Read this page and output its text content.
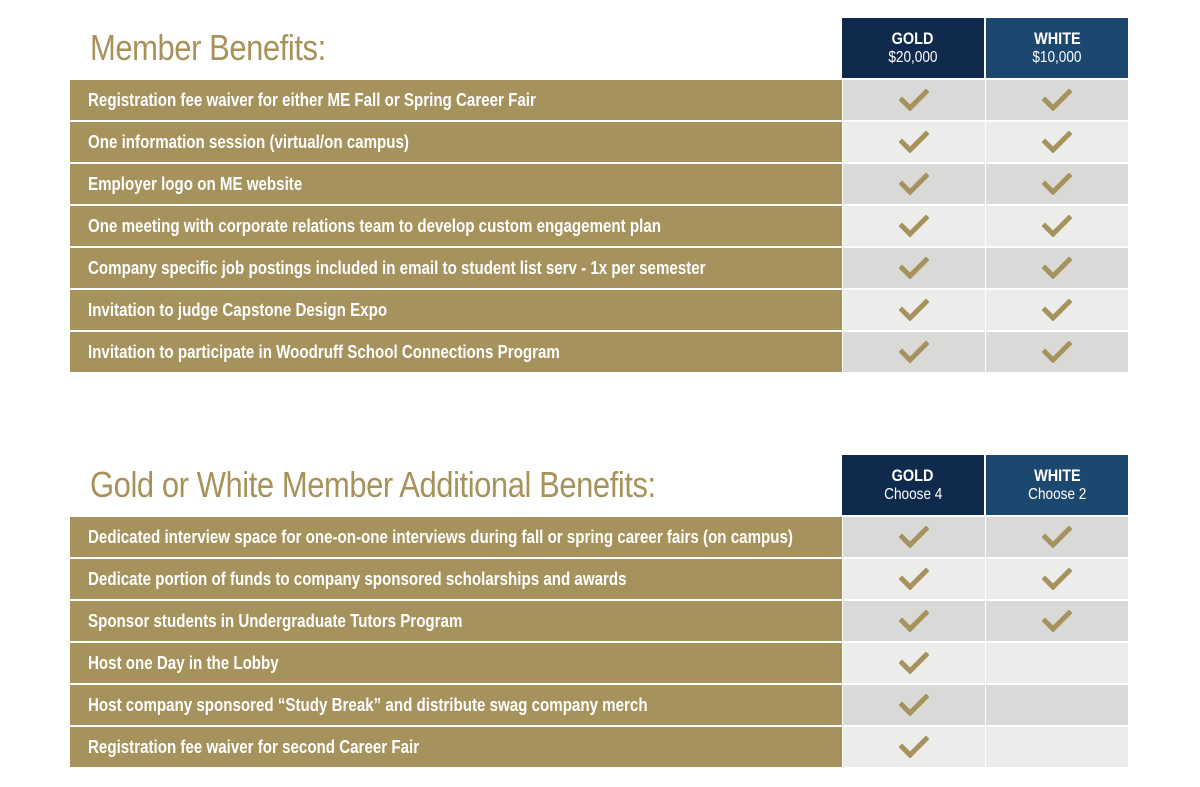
Member Benefits:	GOLD
$20,000
WHITE
$10,000
Registration fee waiver for either ME Fall or Spring Career Fair
One information session (virtual/on campus)
Employer logo on ME website
One meeting with corporate relations team to develop custom engagement plan
Company specific job postings included in email to student list serv - 1x per semester
Invitation to judge Capstone Design Expo
Invitation to participate in Woodruff School Connections Program
Gold or White Member Additional Benefits:	GOLD
Choose 4
WHITE
Choose 2
Dedicated interview space for one-on-one interviews during fall or spring career fairs (on campus)
Dedicate portion of funds to company sponsored scholarships and awards
Sponsor students in Undergraduate Tutors Program
Host one Day in the Lobby
Host company sponsored “Study Break” and distribute swag company merch
Registration fee waiver for second Career Fair
